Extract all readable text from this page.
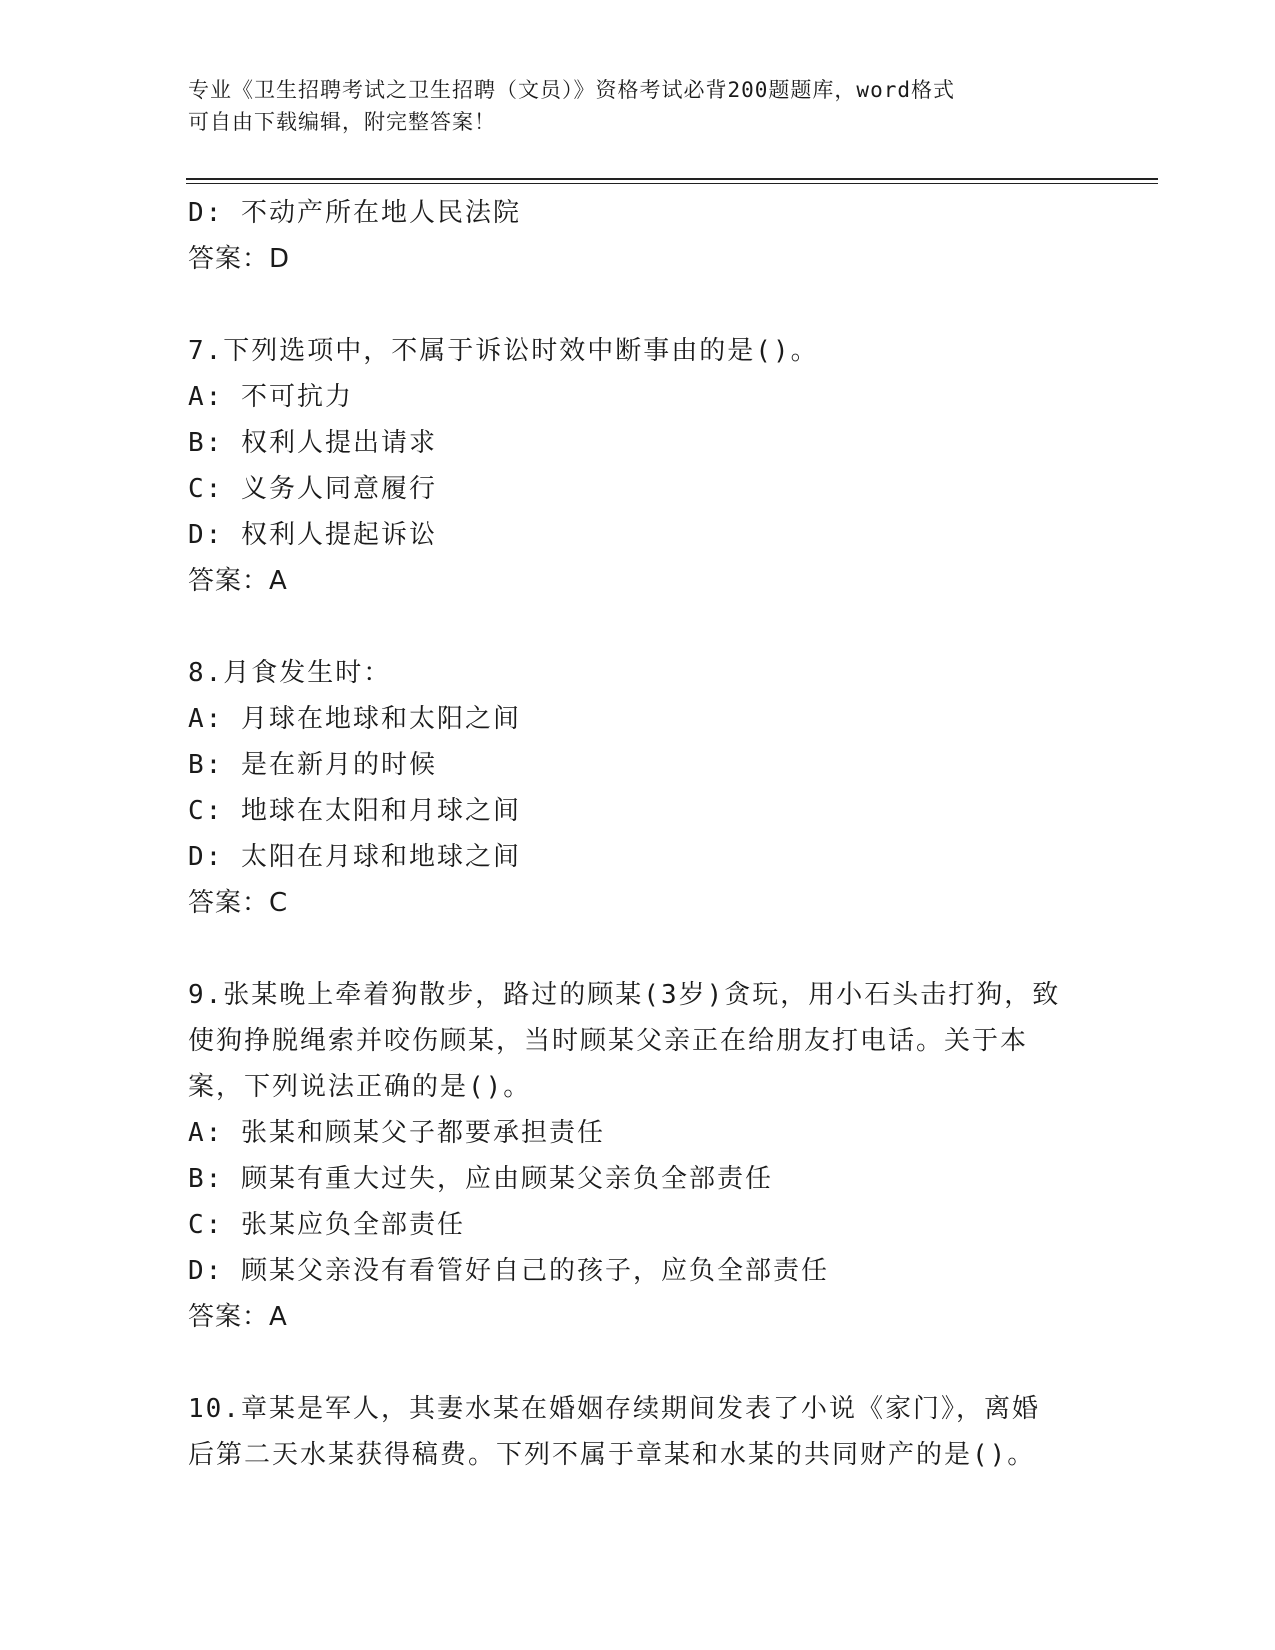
专业《卫生招聘考试之卫生招聘（文员）》资格考试必背200题题库，word格式
可自由下载编辑，附完整答案！
D: 不动产所在地人民法院
答案：D
7.下列选项中，不属于诉讼时效中断事由的是()。
A: 不可抗力
B: 权利人提出请求
C: 义务人同意履行
D: 权利人提起诉讼
答案：A
8.月食发生时：
A: 月球在地球和太阳之间
B: 是在新月的时候
C: 地球在太阳和月球之间
D: 太阳在月球和地球之间
答案：C
9.张某晚上牵着狗散步，路过的顾某(3岁)贪玩，用小石头击打狗，致
使狗挣脱绳索并咬伤顾某，当时顾某父亲正在给朋友打电话。关于本
案，下列说法正确的是()。
A: 张某和顾某父子都要承担责任
B: 顾某有重大过失，应由顾某父亲负全部责任
C: 张某应负全部责任
D: 顾某父亲没有看管好自己的孩子，应负全部责任
答案：A
10.章某是军人，其妻水某在婚姻存续期间发表了小说《家门》，离婚
后第二天水某获得稿费。下列不属于章某和水某的共同财产的是()。
